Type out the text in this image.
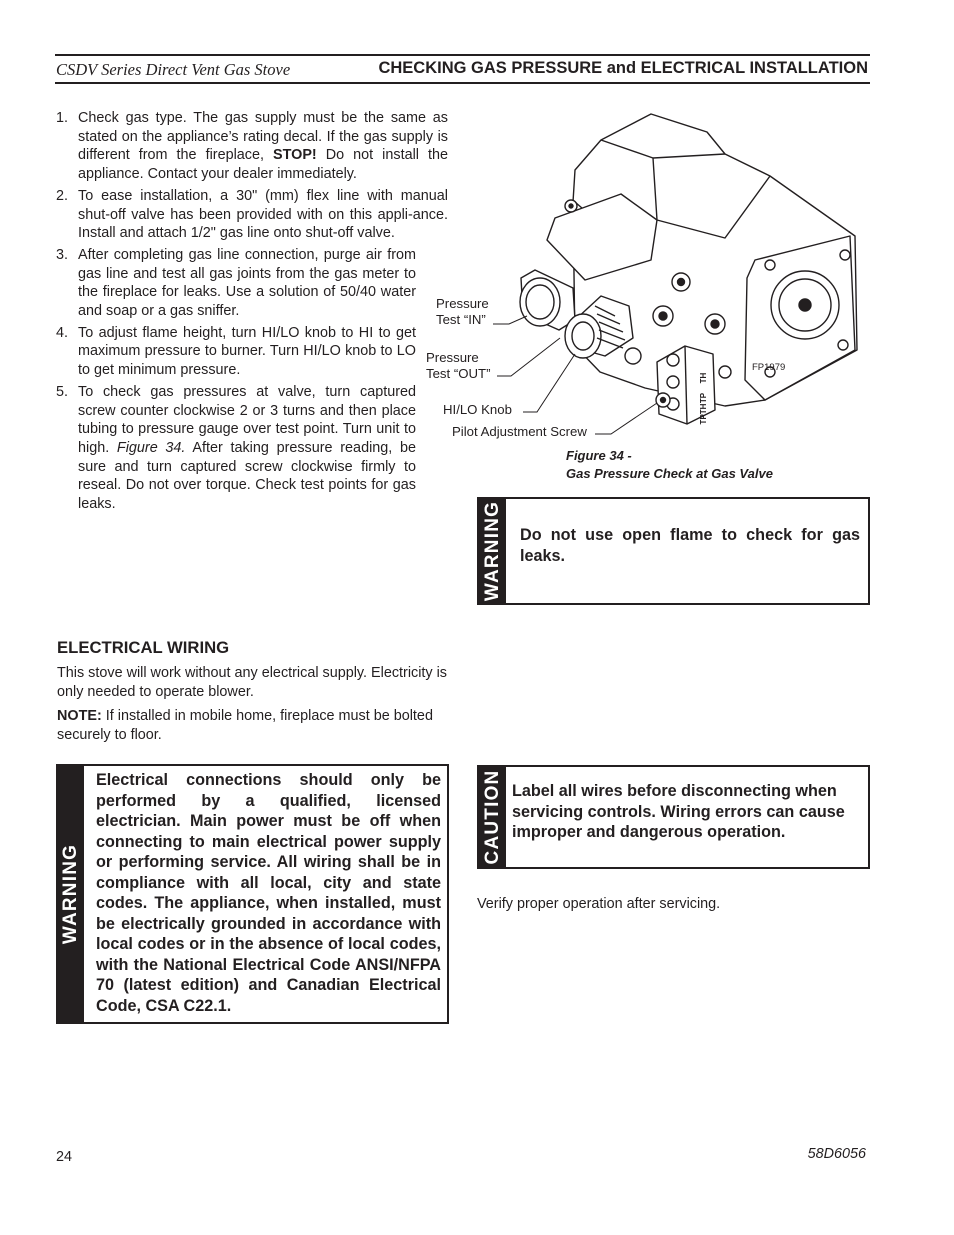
CSDV Series Direct Vent Gas Stove	CHECKING GAS PRESSURE and ELECTRICAL INSTALLATION
1. Check gas type. The gas supply must be the same as stated on the appliance’s rating decal. If the gas supply is different from the fireplace, STOP! Do not install the appliance. Contact your dealer immediately.
2. To ease installation, a 30" (mm) flex line with manual shut-off valve has been provided with on this appli-ance. Install and attach 1/2" gas line onto shut-off valve.
3. After completing gas line connection, purge air from gas line and test all gas joints from the gas meter to the fireplace for leaks. Use a solution of 50/40 water and soap or a gas sniffer.
4. To adjust flame height, turn HI/LO knob to HI to get maximum pressure to burner. Turn HI/LO knob to LO to get minimum pressure.
5. To check gas pressures at valve, turn captured screw counter clockwise 2 or 3 turns and then place tubing to pressure gauge over test point. Turn unit to high. Figure 34. After taking pressure reading, be sure and turn captured screw clockwise firmly to reseal. Do not over torque. Check test points for gas leaks.
TH
TP
TPTH
Pressure
Test “IN”
Pressure
Test “OUT”
HI/LO Knob
Pilot Adjustment Screw
FP1979
Figure 34 -
Gas Pressure Check at Gas Valve
WARNING Do not use open flame to check for gas leaks.
ELECTRICAL WIRING
This stove will work without any electrical supply. Electricity is only needed to operate blower.
NOTE: If installed in mobile home, fireplace must be bolted securely to floor.
WARNING
Electrical connections should only be performed by a qualified, licensed electrician. Main power must be off when connecting to main electrical power supply or performing service. All wiring shall be in compliance with all local, city and state codes. The appliance, when installed, must be electrically grounded in accordance with local codes or in the absence of local codes, with the National Electrical Code ANSI/NFPA 70 (latest edition) and Canadian Electrical Code, CSA C22.1.
CAUTION Label all wires before disconnecting when servicing controls. Wiring errors can cause improper and dangerous operation.
Verify proper operation after servicing.
24	58D6056
